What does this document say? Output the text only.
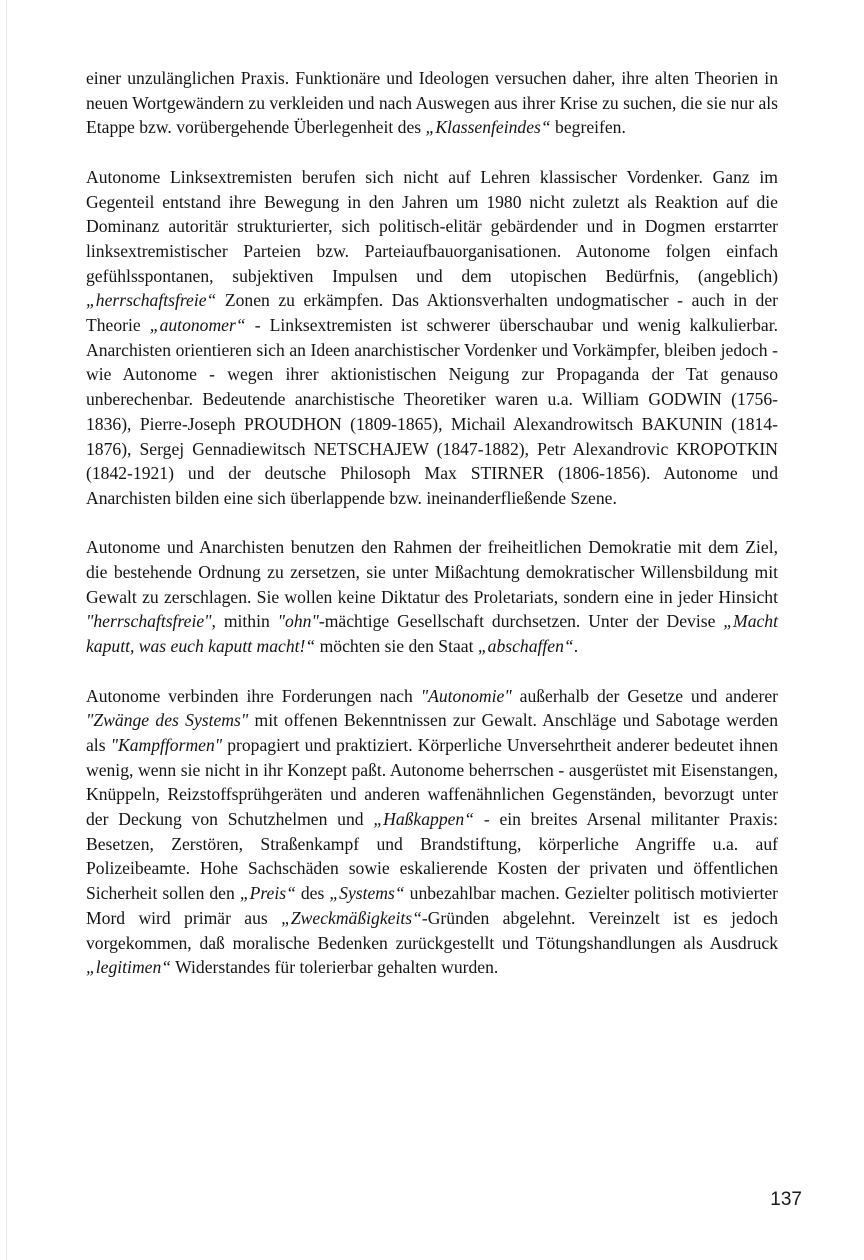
einer unzulänglichen Praxis. Funktionäre und Ideologen versuchen daher, ihre alten Theorien in neuen Wortgewändern zu verkleiden und nach Auswegen aus ihrer Krise zu suchen, die sie nur als Etappe bzw. vorübergehende Überlegenheit des „Klassenfeindes“ begreifen.

Autonome Linksextremisten berufen sich nicht auf Lehren klassischer Vordenker. Ganz im Gegenteil entstand ihre Bewegung in den Jahren um 1980 nicht zuletzt als Reaktion auf die Dominanz autoritär strukturierter, sich politisch-elitär gebärdender und in Dogmen erstarrter linksextremistischer Parteien bzw. Parteiaufbauorganisationen. Autonome folgen einfach gefühlsspontanen, subjektiven Impulsen und dem utopischen Bedürfnis, (angeblich) „herrschaftsfreie“ Zonen zu erkämpfen. Das Aktionsverhalten undogmatischer - auch in der Theorie „autonomer“ - Linksextremisten ist schwerer überschaubar und wenig kalkulierbar. Anarchisten orientieren sich an Ideen anarchistischer Vordenker und Vorkämpfer, bleiben jedoch - wie Autonome - wegen ihrer aktionistischen Neigung zur Propaganda der Tat genauso unberechenbar. Bedeutende anarchistische Theoretiker waren u.a. William GODWIN (1756-1836), Pierre-Joseph PROUDHON (1809-1865), Michail Alexandrowitsch BAKUNIN (1814-1876), Sergej Gennadiewitsch NETSCHAJEW (1847-1882), Petr Alexandrovic KROPOTKIN (1842-1921) und der deutsche Philosoph Max STIRNER (1806-1856). Autonome und Anarchisten bilden eine sich überlappende bzw. ineinanderfließende Szene.

Autonome und Anarchisten benutzen den Rahmen der freiheitlichen Demokratie mit dem Ziel, die bestehende Ordnung zu zersetzen, sie unter Mißachtung demokratischer Willensbildung mit Gewalt zu zerschlagen. Sie wollen keine Diktatur des Proletariats, sondern eine in jeder Hinsicht "herrschaftsfreie", mithin "ohn"-mächtige Gesellschaft durchsetzen. Unter der Devise „Macht kaputt, was euch kaputt macht!“ möchten sie den Staat „abschaffen“.

Autonome verbinden ihre Forderungen nach "Autonomie" außerhalb der Gesetze und anderer "Zwänge des Systems" mit offenen Bekenntnissen zur Gewalt. Anschläge und Sabotage werden als "Kampfformen" propagiert und praktiziert. Körperliche Unversehrtheit anderer bedeutet ihnen wenig, wenn sie nicht in ihr Konzept paßt. Autonome beherrschen - ausgerüstet mit Eisenstangen, Knüppeln, Reizstoffsprühgeräten und anderen waffenähnlichen Gegenständen, bevorzugt unter der Deckung von Schutzhelmen und „Haßkappen“ - ein breites Arsenal militanter Praxis: Besetzen, Zerstören, Straßenkampf und Brandstiftung, körperliche Angriffe u.a. auf Polizeibeamte. Hohe Sachschäden sowie eskalierende Kosten der privaten und öffentlichen Sicherheit sollen den „Preis“ des „Systems“ unbezahlbar machen. Gezielter politisch motivierter Mord wird primär aus „Zweckmäßigkeits“-Gründen abgelehnt. Vereinzelt ist es jedoch vorgekommen, daß moralische Bedenken zurückgestellt und Tötungshandlungen als Ausdruck „legitimen“ Widerstandes für tolerierbar gehalten wurden.

137
